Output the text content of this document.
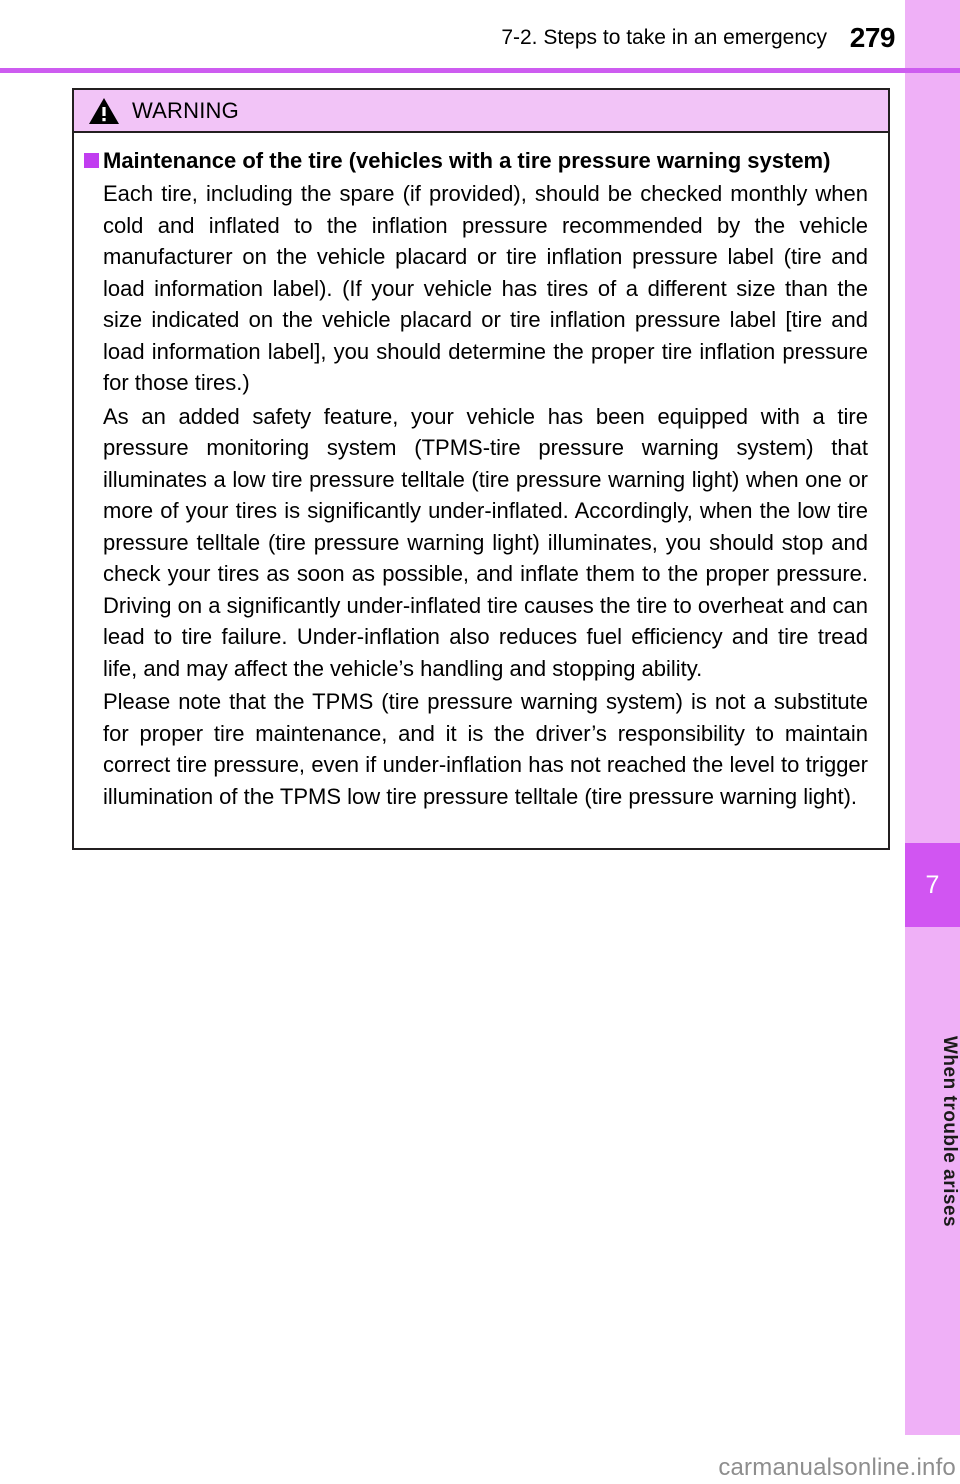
7
When trouble arises
7-2. Steps to take in an emergency 279
WARNING
Maintenance of the tire (vehicles with a tire pressure warning system)

Each tire, including the spare (if provided), should be checked monthly when cold and inflated to the inflation pressure recommended by the vehicle manufacturer on the vehicle placard or tire inflation pressure label (tire and load information label). (If your vehicle has tires of a different size than the size indicated on the vehicle placard or tire inflation pressure label [tire and load information label], you should determine the proper tire inflation pressure for those tires.)

As an added safety feature, your vehicle has been equipped with a tire pressure monitoring system (TPMS-tire pressure warning system) that illuminates a low tire pressure telltale (tire pressure warning light) when one or more of your tires is significantly under-inflated. Accordingly, when the low tire pressure telltale (tire pressure warning light) illuminates, you should stop and check your tires as soon as possible, and inflate them to the proper pressure. Driving on a significantly under-inflated tire causes the tire to overheat and can lead to tire failure. Under-inflation also reduces fuel efficiency and tire tread life, and may affect the vehicle’s handling and stopping ability.

Please note that the TPMS (tire pressure warning system) is not a substitute for proper tire maintenance, and it is the driver’s responsibility to maintain correct tire pressure, even if under-inflation has not reached the level to trigger illumination of the TPMS low tire pressure telltale (tire pressure warning light).

carmanualsonline.info
